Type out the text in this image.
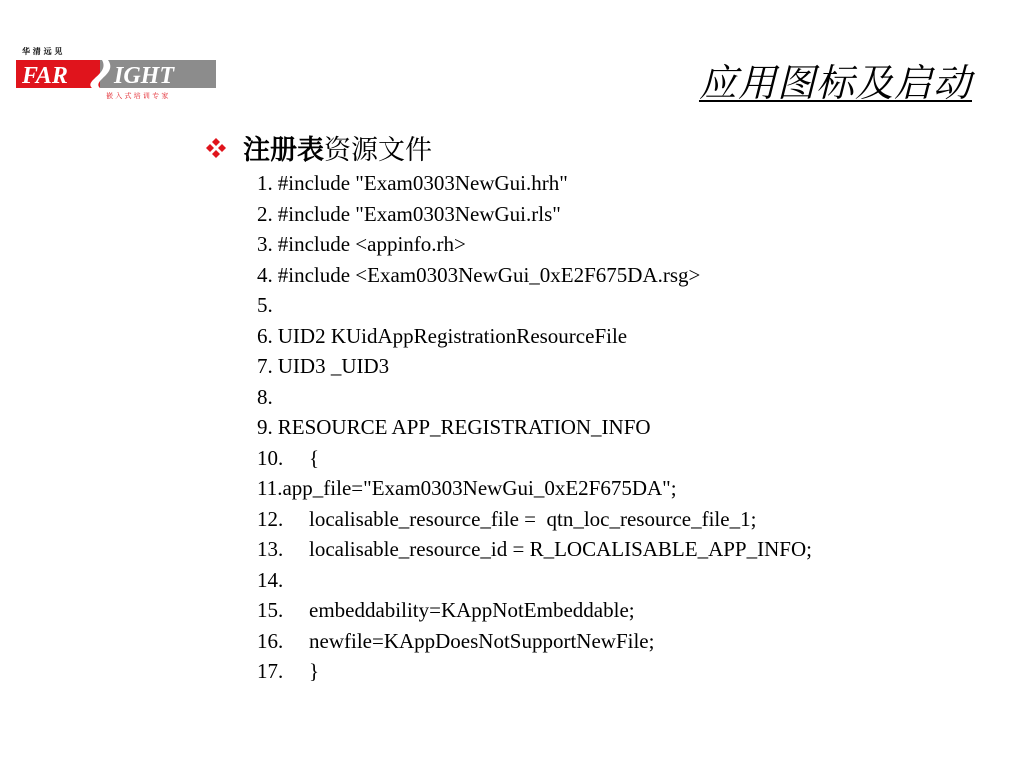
华 清 远 见
FAR IGHT
嵌 入 式 培 训 专 家	应用图标及启动
注册表 资源文件
1. #include "Exam0303NewGui.hrh"
2. #include "Exam0303NewGui.rls"
3. #include <appinfo.rh>
4. #include <Exam0303NewGui_0xE2F675DA.rsg>
5.
6. UID2 KUidAppRegistrationResourceFile
7. UID3 _UID3
8.
9. RESOURCE APP_REGISTRATION_INFO
10.	{
11. app_file="Exam0303NewGui_0xE2F675DA";
12.	localisable_resource_file =  qtn_loc_resource_file_1;
13.	localisable_resource_id = R_LOCALISABLE_APP_INFO;
14.
15.	embeddability=KAppNotEmbeddable;
16.	newfile=KAppDoesNotSupportNewFile;
17.	}
